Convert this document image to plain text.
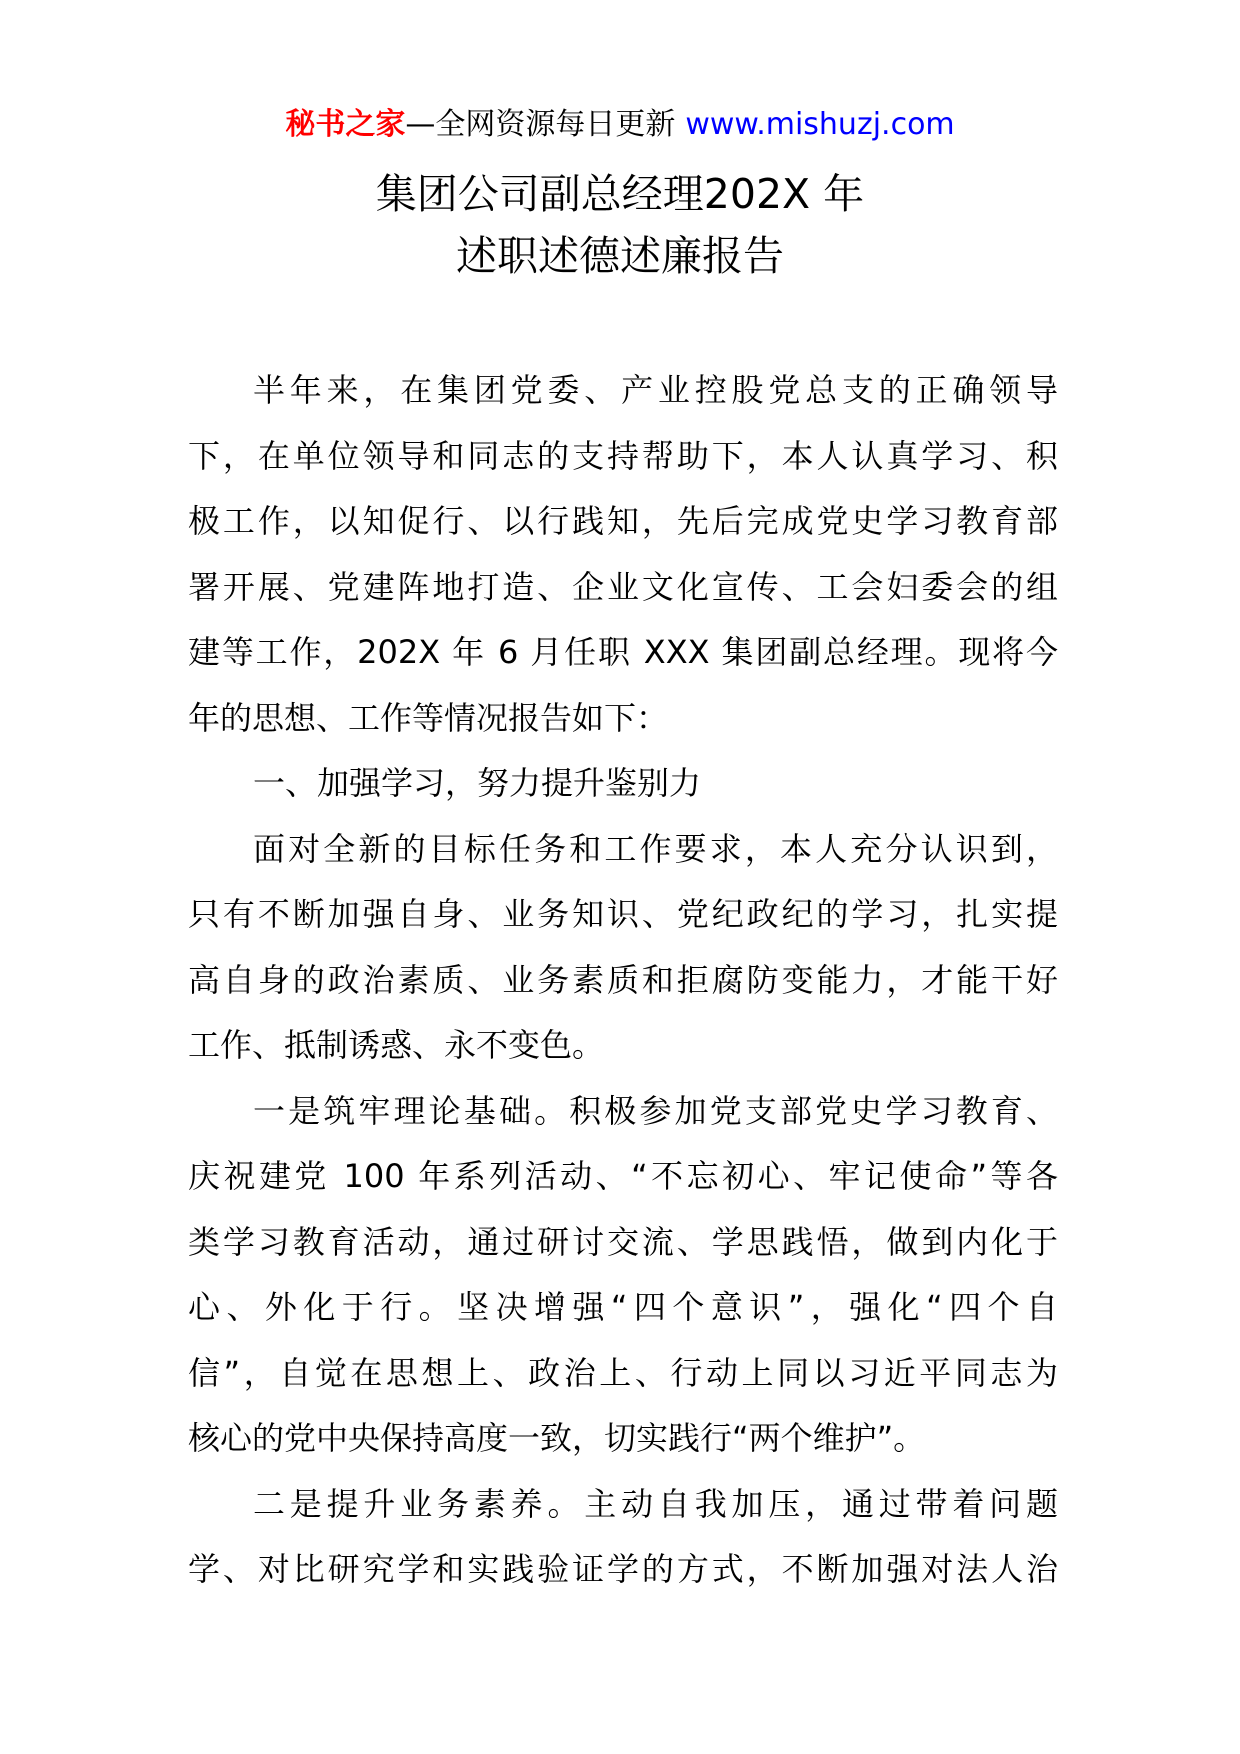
秘书之家—全网资源每日更新 www.mishuzj.com
集团公司副总经理202X 年
述职述德述廉报告
半年来，在集团党委、产业控股党总支的正确领导
下，在单位领导和同志的支持帮助下，本人认真学习、积
极工作，以知促行、以行践知，先后完成党史学习教育部
署开展、党建阵地打造、企业文化宣传、工会妇委会的组
建等工作，202X 年 6 月任职 XXX 集团副总经理。现将今
年的思想、工作等情况报告如下：
一、加强学习，努力提升鉴别力
面对全新的目标任务和工作要求，本人充分认识到，
只有不断加强自身、业务知识、党纪政纪的学习，扎实提
高自身的政治素质、业务素质和拒腐防变能力，才能干好
工作、抵制诱惑、永不变色。
一是筑牢理论基础。积极参加党支部党史学习教育、
庆祝建党 100 年系列活动、“不忘初心、牢记使命”等各
类学习教育活动，通过研讨交流、学思践悟，做到内化于
心、外化于行。坚决增强“四个意识”，强化“四个自
信”，自觉在思想上、政治上、行动上同以习近平同志为
核心的党中央保持高度一致，切实践行“两个维护”。
二是提升业务素养。主动自我加压，通过带着问题
学、对比研究学和实践验证学的方式，不断加强对法人治
